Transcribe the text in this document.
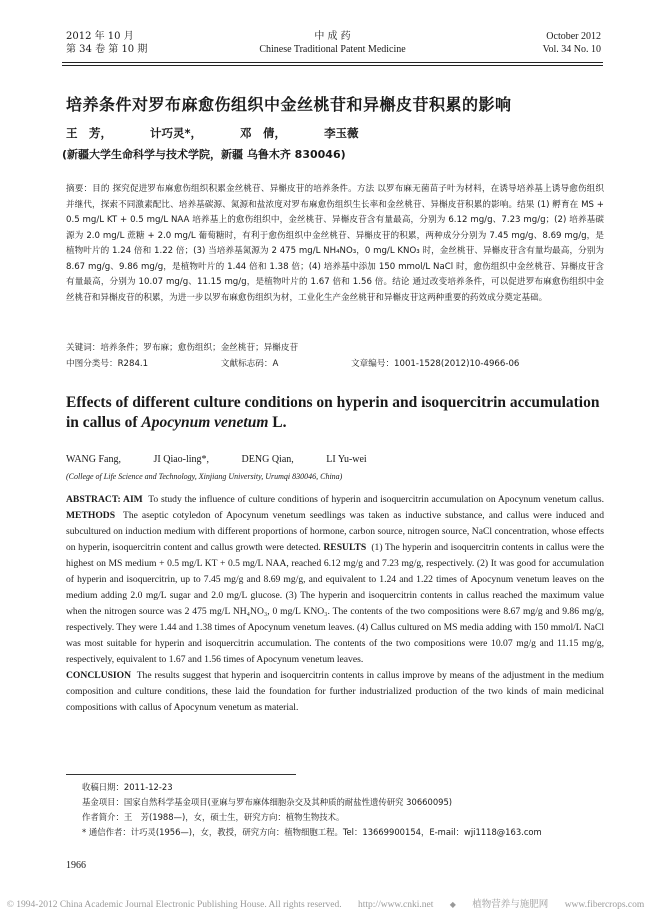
2012 年 10 月
第 34 卷 第 10 期
中 成 药
Chinese Traditional Patent Medicine
October 2012
Vol. 34 No. 10
培养条件对罗布麻愈伤组织中金丝桃苷和异槲皮苷积累的影响
王　芳，	计巧灵*，	邓　倩，	李玉薇
(新疆大学生命科学与技术学院，新疆 乌鲁木齐 830046)
摘要：目的 探究促进罗布麻愈伤组织积累金丝桃苷、异槲皮苷的培养条件。方法 以罗布麻无菌苗子叶为材料，在诱导培养基上诱导愈伤组织并继代，探索不同激素配比、培养基碳源、氮源和盐浓度对罗布麻愈伤组织生长率和金丝桃苷、异槲皮苷积累的影响。结果 (1) 孵育在 MS + 0.5 mg/L KT + 0.5 mg/L NAA 培养基上的愈伤组织中，金丝桃苷、异槲皮苷含有量最高，分别为 6.12 mg/g、7.23 mg/g；(2) 培养基碳源为 2.0 mg/L 蔗糖 + 2.0 mg/L 葡萄糖时，有利于愈伤组织中金丝桃苷、异槲皮苷的积累，两种成分分别为 7.45 mg/g、8.69 mg/g，是植物叶片的 1.24 倍和 1.22 倍；(3) 当培养基氮源为 2 475 mg/L NH₄NO₃，0 mg/L KNO₃ 时，金丝桃苷、异槲皮苷含有量均最高，分别为 8.67 mg/g、9.86 mg/g，是植物叶片的 1.44 倍和 1.38 倍；(4) 培养基中添加 150 mmol/L NaCl 时，愈伤组织中金丝桃苷、异槲皮苷含有量最高，分别为 10.07 mg/g、11.15 mg/g，是植物叶片的 1.67 倍和 1.56 倍。结论 通过改变培养条件，可以促进罗布麻愈伤组织中金丝桃苷和异槲皮苷的积累，为进一步以罗布麻愈伤组织为材，工业化生产金丝桃苷和异槲皮苷这两种重要的药效成分奠定基础。
关键词：培养条件；罗布麻；愈伤组织；金丝桃苷；异槲皮苷
中图分类号：R284.1	文献标志码：A	文章编号：1001-1528(2012)10-4966-06
Effects of different culture conditions on hyperin and isoquercitrin accumulation in callus of Apocynum venetum L.
WANG Fang,	JI Qiao-ling*,	DENG Qian,	LI Yu-wei
(College of Life Science and Technology, Xinjiang University, Urumqi 830046, China)
ABSTRACT: AIM To study the influence of culture conditions of hyperin and isoquercitrin accumulation on Apocynum venetum callus. METHODS The aseptic cotyledon of Apocynum venetum seedlings was taken as inductive substance, and callus were induced and subcultured on induction medium with different proportions of hormone, carbon source, nitrogen source, NaCl concentration, whose effects on hyperin, isoquercitrin content and callus growth were detected. RESULTS (1) The hyperin and isoquercitrin contents in callus were the highest on MS medium + 0.5 mg/L KT + 0.5 mg/L NAA, reached 6.12 mg/g and 7.23 mg/g, respectively. (2) It was good for accumulation of hyperin and isoquercitrin, up to 7.45 mg/g and 8.69 mg/g, and equivalent to 1.24 and 1.22 times of Apocynum venetum leaves on the medium adding 2.0 mg/L sugar and 2.0 mg/L glucose. (3) The hyperin and isoquercitrin contents in callus reached the maximum value when the nitrogen source was 2 475 mg/L NH₄NO₃, 0 mg/L KNO₃. The contents of the two compositions were 8.67 mg/g and 9.86 mg/g, respectively. They were 1.44 and 1.38 times of Apocynum venetum leaves. (4) Callus cultured on MS media adding with 150 mmol/L NaCl was most suitable for hyperin and isoquercitrin accumulation. The contents of the two compositions were 10.07 mg/g and 11.15 mg/g, respectively, equivalent to 1.67 and 1.56 times of Apocynum venetum leaves.
CONCLUSION The results suggest that hyperin and isoquercitrin contents in callus improve by means of the adjustment in the medium composition and culture conditions, these laid the foundation for further industrialized production of the two kinds of main medicinal compositions with callus of Apocynum venetum as material.
收稿日期：2011-12-23
基金项目：国家自然科学基金项目(亚麻与罗布麻体细胞杂交及其种质的耐盐性遗传研究 30660095)
作者简介：王　芳(1988—)，女，硕士生，研究方向：植物生物技术。
* 通信作者：计巧灵(1956—)，女，教授，研究方向：植物细胞工程。Tel：13669900154，E-mail：wji1118@163.com
1966
© 1994-2012 China Academic Journal Electronic Publishing House. All rights reserved. http://www.cnki.net ◆ 植物营养与施肥网 www.fibercrops.com
